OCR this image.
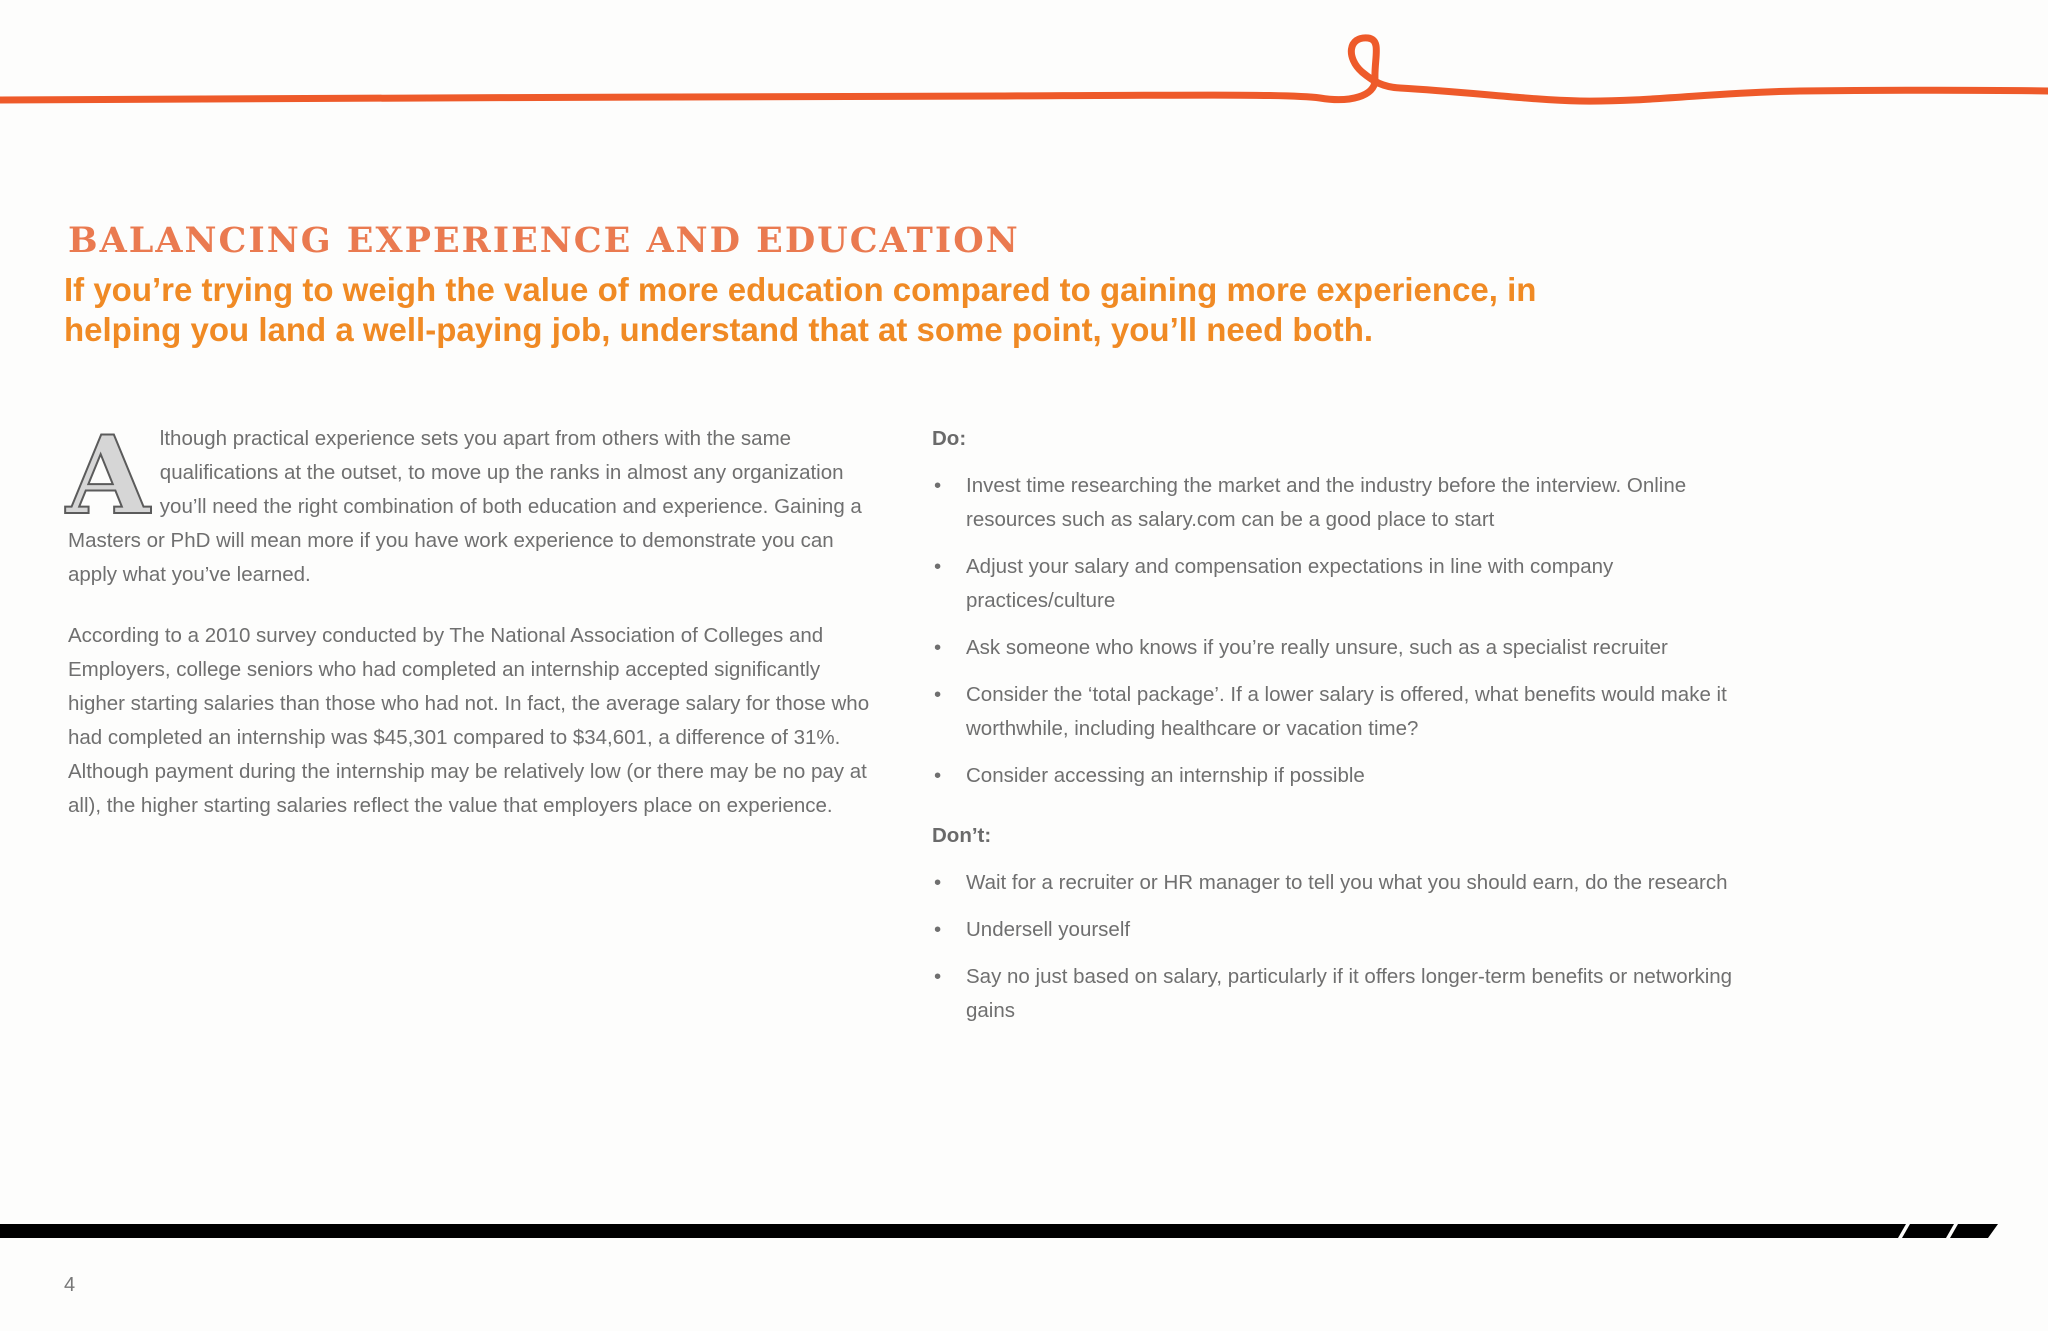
BALANCING EXPERIENCE AND EDUCATION
If you’re trying to weigh the value of more education compared to gaining more experience, in helping you land a well-paying job, understand that at some point, you’ll need both.

Although practical experience sets you apart from others with the same qualifications at the outset, to move up the ranks in almost any organization you’ll need the right combination of both education and experience. Gaining a Masters or PhD will mean more if you have work experience to demonstrate you can apply what you’ve learned.

According to a 2010 survey conducted by The National Association of Colleges and Employers, college seniors who had completed an internship accepted significantly higher starting salaries than those who had not. In fact, the average salary for those who had completed an internship was $45,301 compared to $34,601, a difference of 31%. Although payment during the internship may be relatively low (or there may be no pay at all), the higher starting salaries reflect the value that employers place on experience.

Do:
• Invest time researching the market and the industry before the interview. Online resources such as salary.com can be a good place to start
• Adjust your salary and compensation expectations in line with company practices/culture
• Ask someone who knows if you’re really unsure, such as a specialist recruiter
• Consider the ‘total package’. If a lower salary is offered, what benefits would make it worthwhile, including healthcare or vacation time?
• Consider accessing an internship if possible
Don’t:
• Wait for a recruiter or HR manager to tell you what you should earn, do the research
• Undersell yourself
• Say no just based on salary, particularly if it offers longer-term benefits or networking gains
4
